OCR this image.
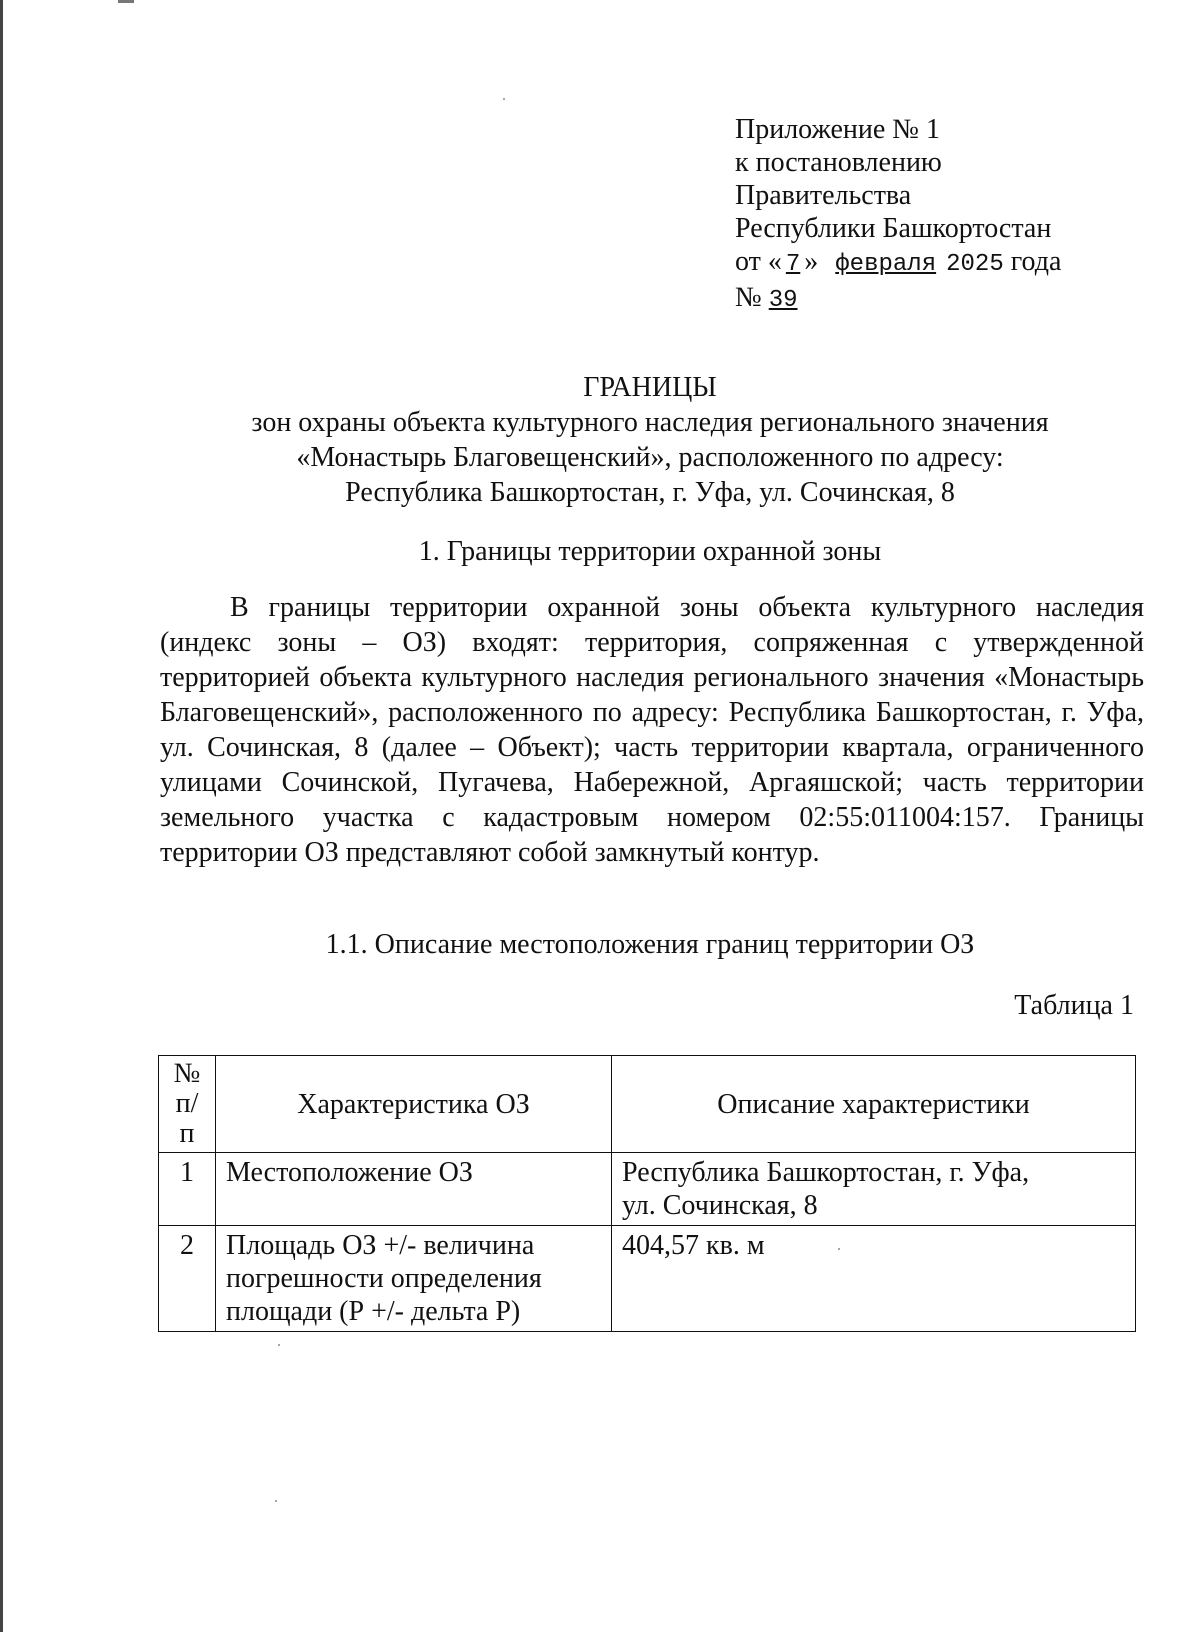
Приложение № 1
к постановлению
Правительства
Республики Башкортостан
от « 7 » февраля 2025 года
№ 39
ГРАНИЦЫ
зон охраны объекта культурного наследия регионального значения
«Монастырь Благовещенский», расположенного по адресу:
Республика Башкортостан, г. Уфа, ул. Сочинская, 8
1. Границы территории охранной зоны

В границы территории охранной зоны объекта культурного наследия (индекс зоны – ОЗ) входят: территория, сопряженная с утвержденной территорией объекта культурного наследия регионального значения «Монастырь Благовещенский», расположенного по адресу: Республика Башкортостан, г. Уфа, ул. Сочинская, 8 (далее – Объект); часть территории квартала, ограниченного улицами Сочинской, Пугачева, Набережной, Аргаяшской; часть территории земельного участка с кадастровым номером 02:55:011004:157. Границы территории ОЗ представляют собой замкнутый контур.

1.1. Описание местоположения границ территории ОЗ
Таблица 1
№
п/п	Характеристика ОЗ	Описание характеристики
1	Местоположение ОЗ	Республика Башкортостан, г. Уфа,
ул. Сочинская, 8

2	Площадь ОЗ +/- величина
погрешности определения
площади (Р +/- дельта Р)	404,57 кв. м
